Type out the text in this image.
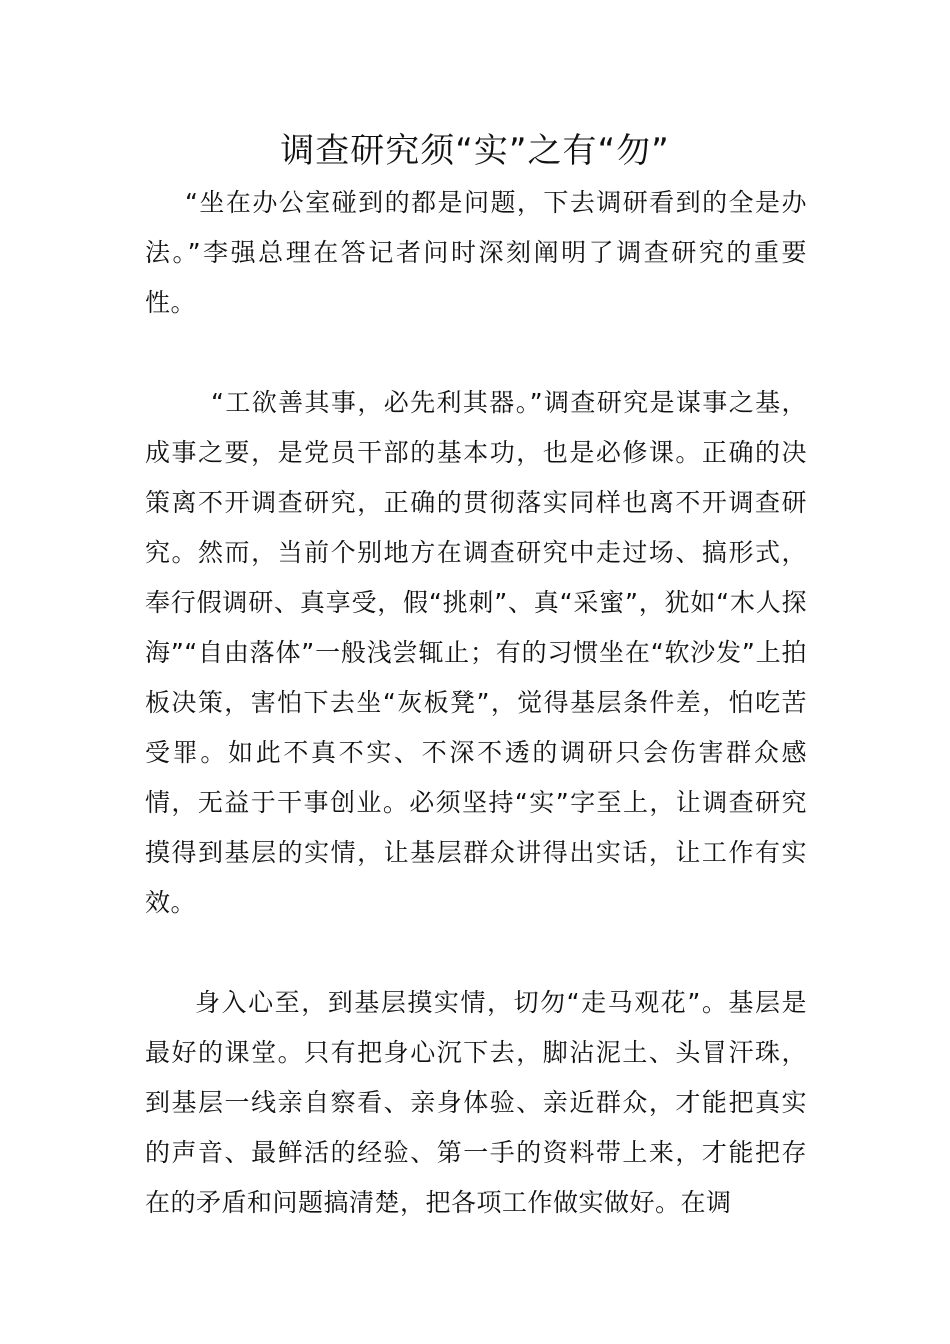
调查研究须“实”之有“勿”

“坐在办公室碰到的都是问题，下去调研看到的全是办法。”李强总理在答记者问时深刻阐明了调查研究的重要性。

“工欲善其事，必先利其器。”调查研究是谋事之基，成事之要，是党员干部的基本功，也是必修课。正确的决策离不开调查研究，正确的贯彻落实同样也离不开调查研究。然而，当前个别地方在调查研究中走过场、搞形式，奉行假调研、真享受，假“挑刺”、真“采蜜”，犹如“木人探海”“自由落体”一般浅尝辄止；有的习惯坐在“软沙发”上拍板决策，害怕下去坐“灰板凳”，觉得基层条件差，怕吃苦受罪。如此不真不实、不深不透的调研只会伤害群众感情，无益于干事创业。必须坚持“实”字至上，让调查研究摸得到基层的实情，让基层群众讲得出实话，让工作有实效。

身入心至，到基层摸实情，切勿“走马观花”。基层是最好的课堂。只有把身心沉下去，脚沾泥土、头冒汗珠，到基层一线亲自察看、亲身体验、亲近群众，才能把真实的声音、最鲜活的经验、第一手的资料带上来，才能把存在的矛盾和问题搞清楚，把各项工作做实做好。在调
